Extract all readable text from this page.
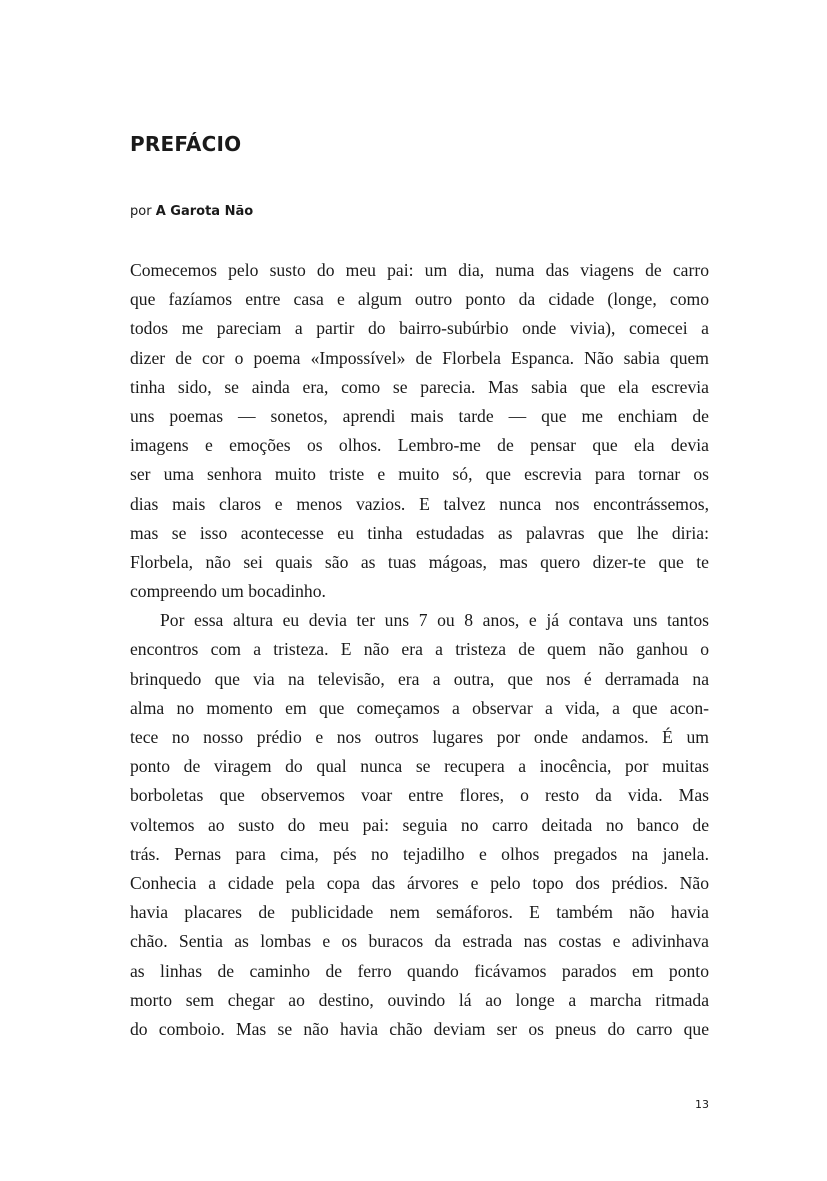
PREFÁCIO

por A Garota Não

Comecemos pelo susto do meu pai: um dia, numa das viagens de carro
que fazíamos entre casa e algum outro ponto da cidade (longe, como
todos me pareciam a partir do bairro-subúrbio onde vivia), comecei a
dizer de cor o poema «Impossível» de Florbela Espanca. Não sabia quem
tinha sido, se ainda era, como se parecia. Mas sabia que ela escrevia
uns poemas — sonetos, aprendi mais tarde — que me enchiam de
imagens e emoções os olhos. Lembro-me de pensar que ela devia
ser uma senhora muito triste e muito só, que escrevia para tornar os
dias mais claros e menos vazios. E talvez nunca nos encontrássemos,
mas se isso acontecesse eu tinha estudadas as palavras que lhe diria:
Florbela, não sei quais são as tuas mágoas, mas quero dizer-te que te
compreendo um bocadinho.
Por essa altura eu devia ter uns 7 ou 8 anos, e já contava uns tantos
encontros com a tristeza. E não era a tristeza de quem não ganhou o
brinquedo que via na televisão, era a outra, que nos é derramada na
alma no momento em que começamos a observar a vida, a que acon-
tece no nosso prédio e nos outros lugares por onde andamos. É um
ponto de viragem do qual nunca se recupera a inocência, por muitas
borboletas que observemos voar entre flores, o resto da vida. Mas
voltemos ao susto do meu pai: seguia no carro deitada no banco de
trás. Pernas para cima, pés no tejadilho e olhos pregados na janela.
Conhecia a cidade pela copa das árvores e pelo topo dos prédios. Não
havia placares de publicidade nem semáforos. E também não havia
chão. Sentia as lombas e os buracos da estrada nas costas e adivinhava
as linhas de caminho de ferro quando ficávamos parados em ponto
morto sem chegar ao destino, ouvindo lá ao longe a marcha ritmada
do comboio. Mas se não havia chão deviam ser os pneus do carro que

13
